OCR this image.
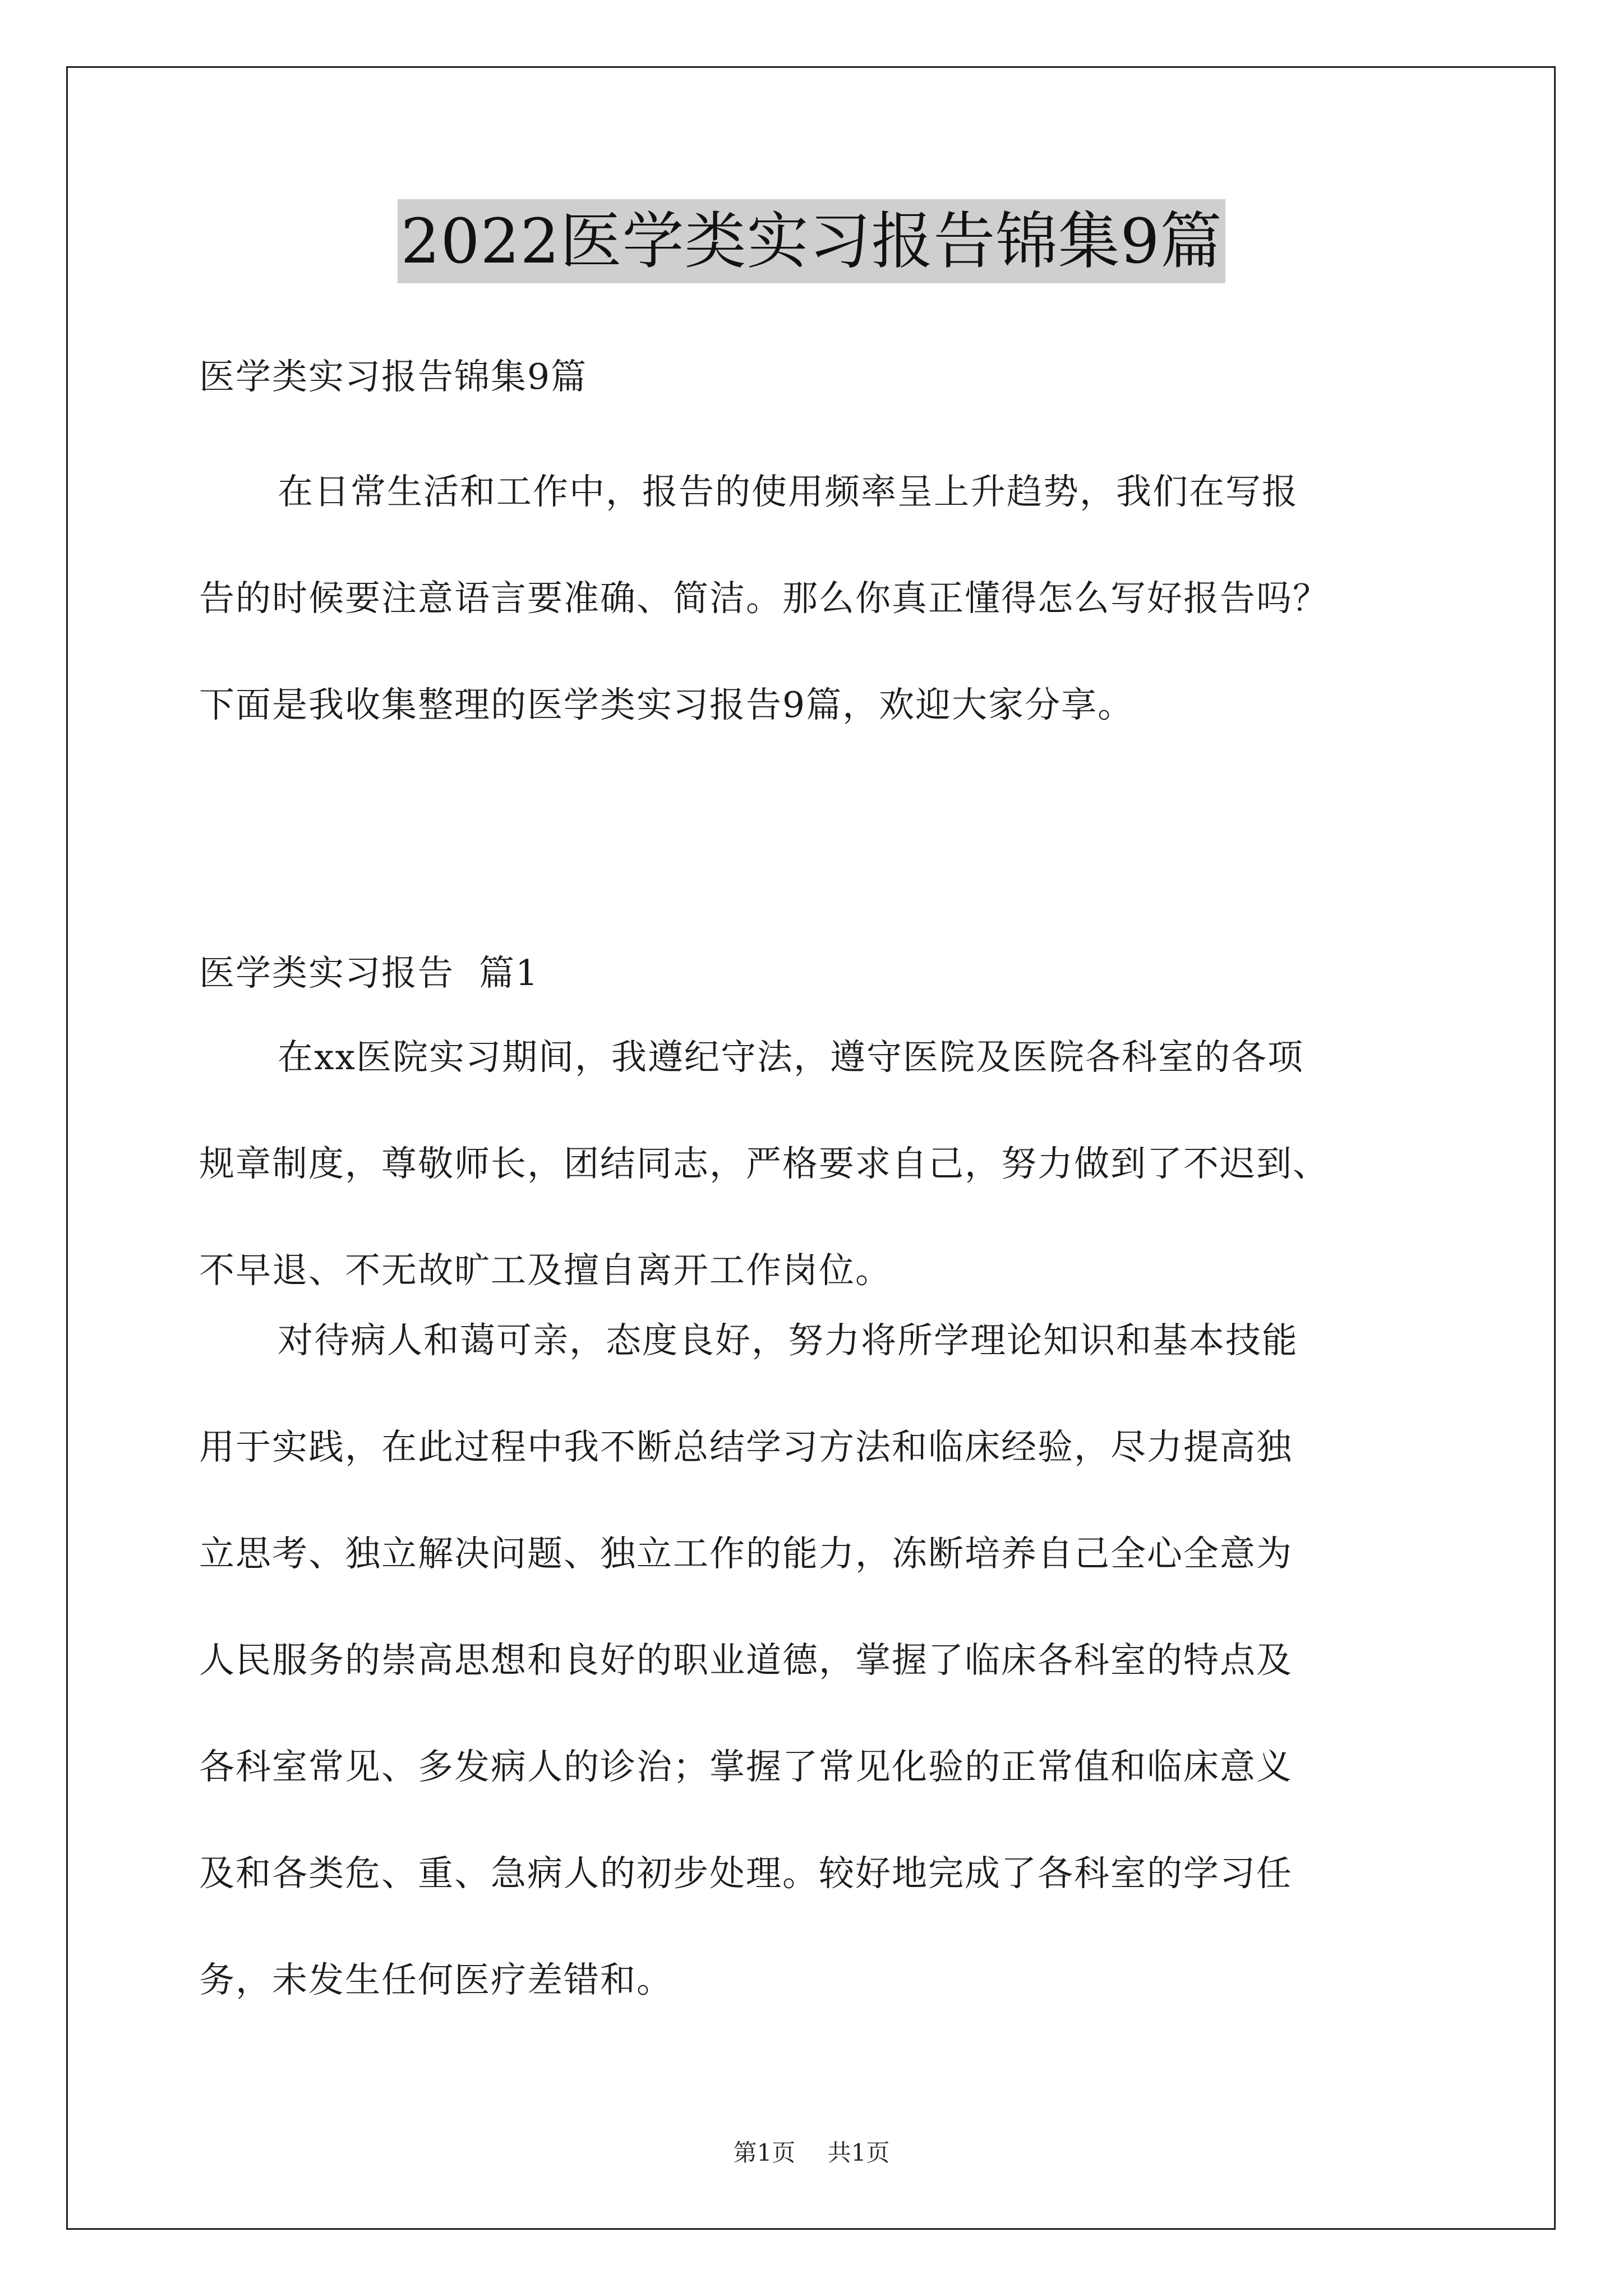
2022医学类实习报告锦集9篇
医学类实习报告锦集9篇
在日常生活和工作中，报告的使用频率呈上升趋势，我们在写报
告的时候要注意语言要准确、简洁。那么你真正懂得怎么写好报告吗？
下面是我收集整理的医学类实习报告9篇，欢迎大家分享。
医学类实习报告  篇1
在xx医院实习期间，我遵纪守法，遵守医院及医院各科室的各项
规章制度，尊敬师长，团结同志，严格要求自己，努力做到了不迟到、
不早退、不无故旷工及擅自离开工作岗位。
对待病人和蔼可亲，态度良好，努力将所学理论知识和基本技能
用于实践，在此过程中我不断总结学习方法和临床经验，尽力提高独
立思考、独立解决问题、独立工作的能力，冻断培养自己全心全意为
人民服务的崇高思想和良好的职业道德，掌握了临床各科室的特点及
各科室常见、多发病人的诊治；掌握了常见化验的正常值和临床意义
及和各类危、重、急病人的初步处理。较好地完成了各科室的学习任
务，未发生任何医疗差错和。
第1页 共1页
